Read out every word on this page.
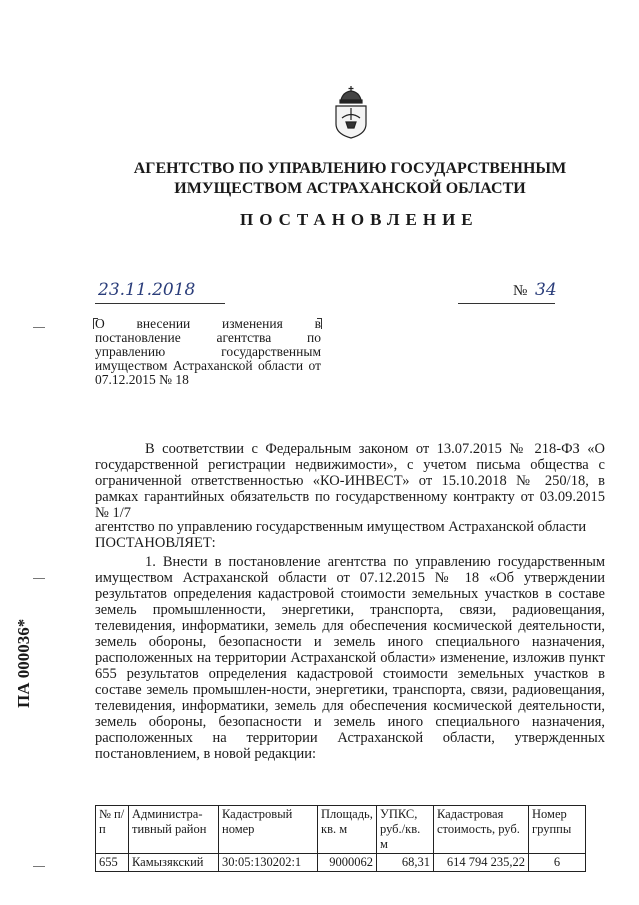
АГЕНТСТВО ПО УПРАВЛЕНИЮ ГОСУДАРСТВЕННЫМ
ИМУЩЕСТВОМ АСТРАХАНСКОЙ ОБЛАСТИ
ПОСТАНОВЛЕНИЕ
23.11.2018	№ 34
О внесении изменения в постановление агентства по управлению государственным имуществом Астраханской области от 07.12.2015 № 18
ПА 000036*
В соответствии с Федеральным законом от 13.07.2015 № 218-ФЗ «О государственной регистрации недвижимости», с учетом письма общества с ограниченной ответственностью «КО-ИНВЕСТ» от 15.10.2018 № 250/18, в рамках гарантийных обязательств по государственному контракту от 03.09.2015 № 1/7
агентство по управлению государственным имуществом Астраханской области ПОСТАНОВЛЯЕТ:
1. Внести в постановление агентства по управлению государственным имуществом Астраханской области от 07.12.2015 № 18 «Об утверждении результатов определения кадастровой стоимости земельных участков в составе земель промышленности, энергетики, транспорта, связи, радиовещания, телевидения, информатики, земель для обеспечения космической деятельности, земель обороны, безопасности и земель иного специального назначения, расположенных на территории Астраханской области» изменение, изложив пункт 655 результатов определения кадастровой стоимости земельных участков в составе земель промышлен-ности, энергетики, транспорта, связи, радиовещания, телевидения, информатики, земель для обеспечения космической деятельности, земель обороны, безопасности и земель иного специального назначения, расположенных на территории Астраханской области, утвержденных постановлением, в новой редакции:
№ п/п	Администра-тивный район	Кадастровый номер	Площадь, кв. м	УПКС, руб./кв. м	Кадастровая стоимость, руб.	Номер группы
655	Камызякский	30:05:130202:1	9000062	68,31	614 794 235,22	6
